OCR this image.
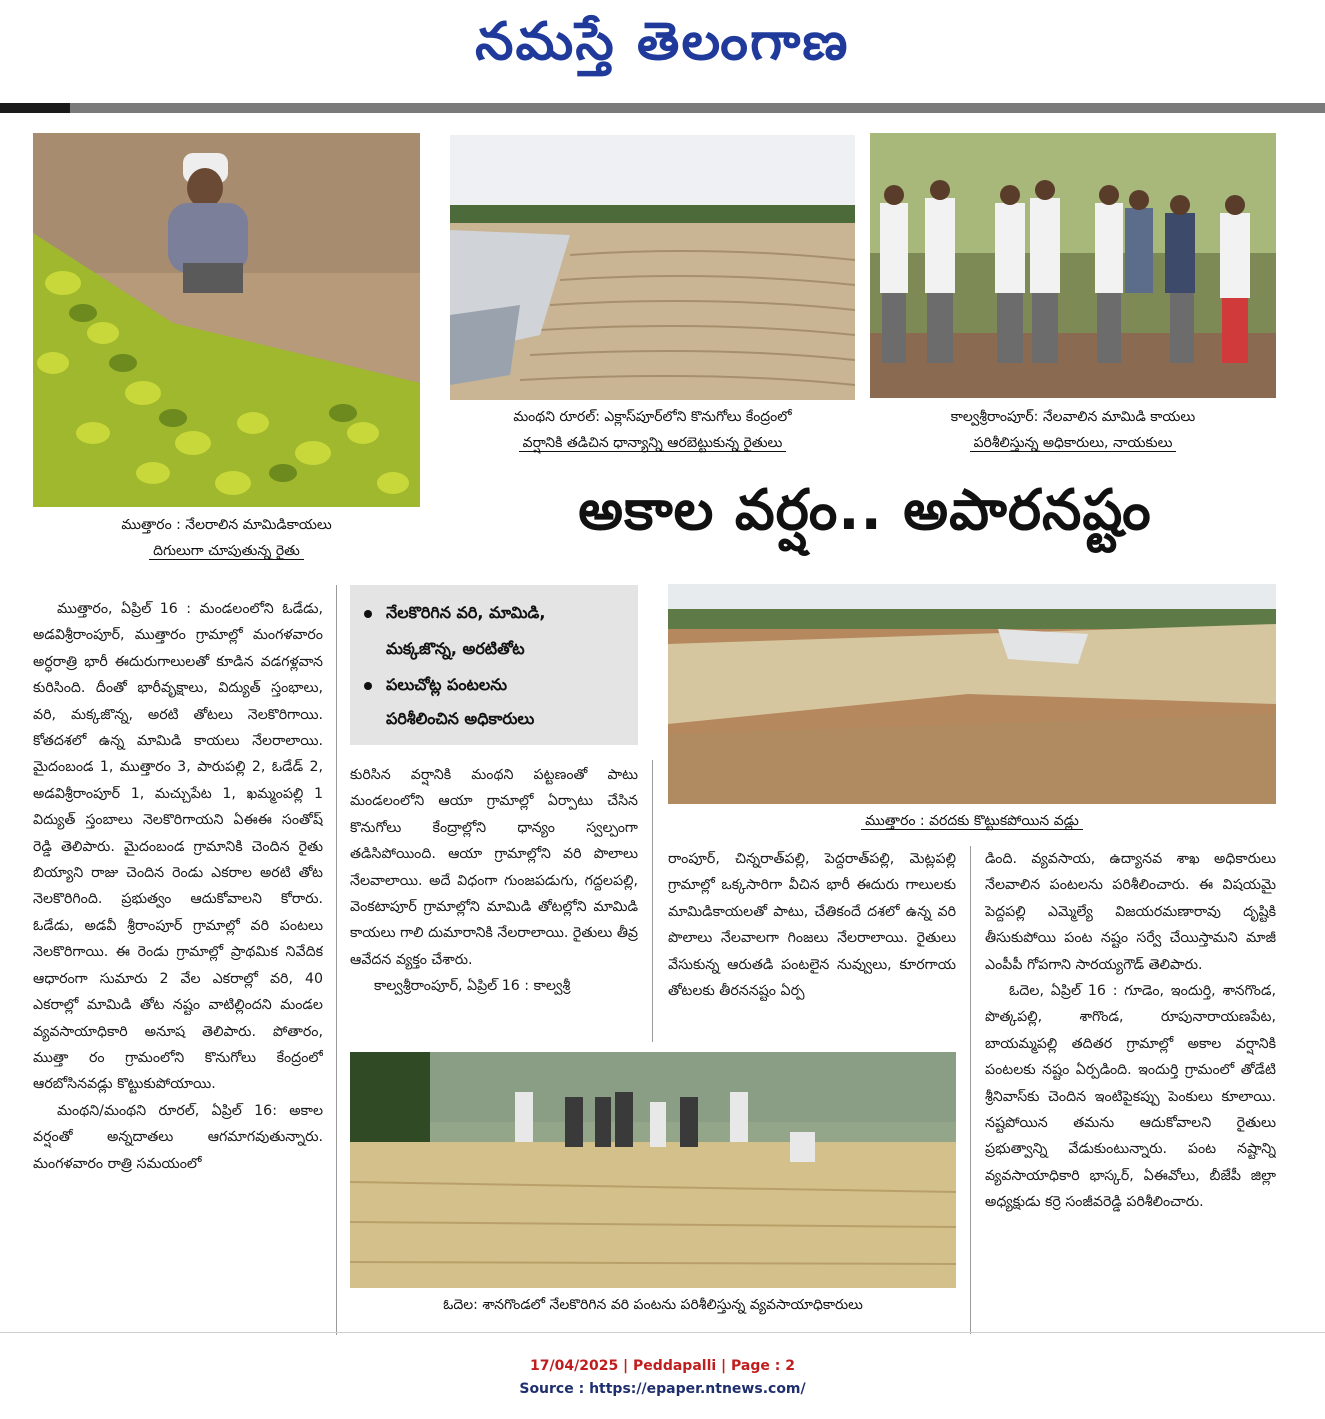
నమస్తే తెలంగాణ
ముత్తారం : నేలరాలిన మామిడికాయలు
దిగులుగా చూపుతున్న రైతు
మంథని రూరల్: ఎక్లాస్‌పూర్‌లోని కొనుగోలు కేంద్రంలో
వర్షానికి తడిచిన ధాన్యాన్ని ఆరబెట్టుకున్న రైతులు
కాల్వశ్రీరాంపూర్: నేలవాలిన మామిడి కాయలు
పరిశీలిస్తున్న అధికారులు, నాయకులు
అకాల వర్షం.. అపారనష్టం
నేలకొరిగిన వరి, మామిడి,
మక్కజొన్న, అరటితోట
పలుచోట్ల పంటలను
పరిశీలించిన అధికారులు
ముత్తారం : వరదకు కొట్టుకపోయిన వడ్లు
ఓదెల: శానగొండలో నేలకొరిగిన వరి పంటను పరిశీలిస్తున్న వ్యవసాయాధికారులు

ముత్తారం, ఏప్రిల్ 16 : మండలంలోని ఓడేడు, అడవిశ్రీరాంపూర్, ముత్తారం గ్రామాల్లో మంగళవారం అర్ధరాత్రి భారీ ఈదురుగాలులతో కూడిన వడగళ్లవాన కురిసింది. దీంతో భారీవృక్షాలు, విద్యుత్ స్తంభాలు, వరి, మక్కజొన్న, అరటి తోటలు నెలకొరిగాయి. కోతదశలో ఉన్న మామిడి కాయలు నేలరాలాయి. మైదంబండ 1, ముత్తారం 3, పారుపల్లి 2, ఓడేడ్ 2, అడవిశ్రీరాంపూర్ 1, మచ్చుపేట 1, ఖమ్మంపల్లి 1 విద్యుత్ స్తంబాలు నెలకొరిగాయని ఏఈఈ సంతోష్ రెడ్డి తెలిపారు. మైదంబండ గ్రామానికి చెందిన రైతు బియ్యాని రాజు చెందిన రెండు ఎకరాల అరటి తోట నెలకొరిగింది. ప్రభుత్వం ఆదుకోవాలని కోరారు. ఓడేడు, అడవీ శ్రీరాంపూర్ గ్రామాల్లో వరి పంటలు నెలకొరిగాయి. ఈ రెండు గ్రామాల్లో ప్రాథమిక నివేదిక ఆధారంగా సుమారు 2 వేల ఎకరాల్లో వరి, 40 ఎకరాల్లో మామిడి తోట నష్టం వాటిల్లిందని మండల వ్యవసాయాధికారి అనూష తెలిపారు. పోతారం, ముత్తా రం గ్రామంలోని కొనుగోలు కేంద్రంలో ఆరబోసినవడ్లు కొట్టుకుపోయాయి.

మంథని/మంథని రూరల్, ఏప్రిల్ 16: అకాల వర్షంతో అన్నదాతలు ఆగమాగవుతున్నారు. మంగళవారం రాత్రి సమయంలో

కురిసిన వర్షానికి మంథని పట్టణంతో పాటు మండలంలోని ఆయా గ్రామాల్లో ఏర్పాటు చేసిన కొనుగోలు కేంద్రాల్లోని ధాన్యం స్వల్పంగా తడిసిపోయింది. ఆయా గ్రామాల్లోని వరి పొలాలు నేలవాలాయి. అదే విధంగా గుంజపడుగు, గద్దలపల్లి, వెంకటాపూర్ గ్రామాల్లోని మామిడి తోటల్లోని మామిడి కాయలు గాలి దుమారానికి నేలరాలాయి. రైతులు తీవ్ర ఆవేదన వ్యక్తం చేశారు.

కాల్వశ్రీరాంపూర్, ఏప్రిల్ 16 : కాల్వశ్రీ

రాంపూర్, చిన్నరాత్‌పల్లి, పెద్దరాత్‌పల్లి, మెట్లపల్లి గ్రామాల్లో ఒక్కసారిగా వీచిన భారీ ఈదురు గాలులకు మామిడికాయలతో పాటు, చేతికందే దశలో ఉన్న వరి పొలాలు నేలవాలగా గింజలు నేలరాలాయి. రైతులు వేసుకున్న ఆరుతడి పంటలైన నువ్వులు, కూరగాయ తోటలకు తీరననష్టం ఏర్ప

డింది. వ్యవసాయ, ఉద్యానవ శాఖ అధికారులు నేలవాలిన పంటలను పరిశీలించారు. ఈ విషయమై పెద్దపల్లి ఎమ్మెల్యే విజయరమణారావు దృష్టికి తీసుకుపోయి పంట నష్టం సర్వే చేయిస్తామని మాజీ ఎంపీపీ గోపగాని సారయ్యగౌడ్ తెలిపారు.

ఓదెల, ఏప్రిల్ 16 : గూడెం, ఇందుర్తి, శానగొండ, పొత్కపల్లి, శాగొండ, రూపునారాయణపేట, బాయమ్మపల్లి తదితర గ్రామాల్లో అకాల వర్షానికి పంటలకు నష్టం ఏర్పడింది. ఇందుర్తి గ్రామంలో తోడేటి శ్రీనివాస్‌కు చెందిన ఇంటిపైకప్పు పెంకులు కూలాయి. నష్టపోయిన తమను ఆదుకోవాలని రైతులు ప్రభుత్వాన్ని వేడుకుంటున్నారు. పంట నష్టాన్ని వ్యవసాయాధికారి భాస్కర్, ఏఈవోలు, బీజేపీ జిల్లా అధ్యక్షుడు కర్రె సంజీవరెడ్డి పరిశీలించారు.

17/04/2025 | Peddapalli | Page : 2
Source : https://epaper.ntnews.com/
